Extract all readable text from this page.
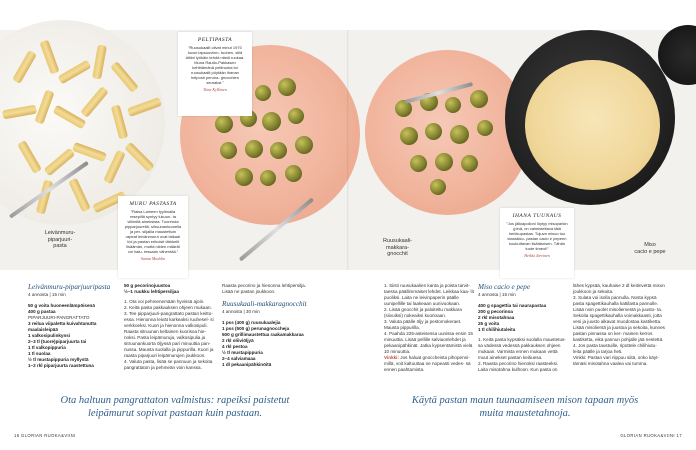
MURU PASTASTA
”Raisa Laineen tyylimalla resepillä syntyy lukuun- ta villimitä aineksista. Tuorenda pipparjuureliä, silruunankuorella ja per- siljallia maustettuin rapeat leivänmurut ovat taikaa! Voi ja pastan erikoisit tärkkelit lisäämän, mutta niiden määrät voi halu- tessaan vähentää.”
Sanna Mooklin
PELTIPASTA
”Ruusukaalit olivat minut 1970 luvun lapsuuviinn- tuohen, sillä äitiini lyökäin tehdä niistä ruokaa. Muna Rautio-Pakkasen kehittämänä peltiruoka toi ruusukaalit pöytään ihanan helposti peruna- gnocchien seuraksi.”
Tiina Kyllönen
IHANA TUUNAUS
”Jos jälkiapolloni löytyy misoparkin (pinä, on valmistettava tätä herkkupastaa. Tujuva misoo tuo klassikko- pastan cacio e pepeen koukuttavan lisätäsrisen. Tähän tuote timeoi!”
Heikki Järvinen
Leivänmuru-
piparjuuri-
pasta
Ruusukaali-
makkara-
gnocchit
Miso
cacio e pepe
Leivänmuru-piparjuuripasta
4 annosta | 15 min
50 g voita huoneenlämpöisenä
400 g pastaa
PIPARJUURI-PANGRATTATO
3 reilua viipaletta kuivahtanutta maalaisleipää
1 valkosipulinkynsi
2–3 tl (tuore)piparjuurta tai
1 tl valkopippuria
1 tl suolaa
½ tl mustapippuria myllystä
1–2 rkl piparjuurta raastettuna
50 g pecorinojuustoa
½–1 ruukku lehtipersiljaa
1. Ota voi pehmenemään hyvissä ajoin.
2. Keitä pasta pakkauksen ohjeen mukaan.
3. Tee pipparjuuri-pangrattato pastan keitto- essa. Hienonna leivät karkeaksi ruuhesel- si verkkoeksi. Kuori ja hienonna valkosipuli. Raasta sitruunan keltainen kuorisoa hie- noksi. Pasta leipämuruja, valkosipulia ja sitruunankuorta öljyssä pari minuuttia pan- nussa. Mausta suolalla ja pippurilla. Kuori ja raasta piparjuuri leipämurujen joukkoon.
4. Valuta pasta, lisää se pannuun ja sekoita pangrattaton ja pehmeän voin kanssa.
Raasta pecorino ja hienonna lehtipersilja. Lisää ne pastan joukkoon.
Ruusukaali-makkaragnocchit
4 annosta | 30 min
1 pss (400 g) ruusukaalejia
1 pss (500 g) perunagnoccheja
500 g grillimaustettua raakamakkaraa
2 rkl oliiviöljyä
4 rkl pestoa
½ tl mustapippuria
2–4 salviamaaa
1 dl pekaanipähkinöitä
Ota haltuun pangrattaton valmistus: rapeiksi paistetut leipämurut sopivat pastaan kuin pastaan.
16 GLORIAN RUOKA&VIINI
1. Siisti ruusukaalien kanta ja poista tarvit- taessa päällimmäiset lehdet. Leikkaa kaa- lit puoliksi. Laita ne leivinpaperin päälle uunipellille tai laakeaan uunivuokaan.
2. Lisää gnocchit ja paloiteltu makkara (siivuiksi) nokeaiksi kuorioaan.
3. Valuta päälle öljy ja pestomokeraet. Mausta pippurilla.
4. Paahda 225-asteisessa uunissa ensin 15 minuuttia. Lisää pellille salviaonlehdet ja pekaanipähkinät. Jatka kypsentämistä vielä 10 minuuttia.
Vinkki: Jos haluat gnoccheista pihopenni- millä, voit kaltuuttaa ne nopeasti vedes- sä ennen paahtamista.
Miso cacio e pepe
4 annosta | 15 min
400 g spagettia tai naurapastaa
200 g pecorinoa
2 rkl misotahnaa
25 g voita
1 tl chilihiutaleita
1. Keitä pasta kypsäksi suolalla maustetus- sa vädessä vedessä pakkauksen ohjeen mukaan. Varmista ennen mukaan vettä muut ainekset pastan keitiuesa.
2. Raasta pecorino hienoksi raasteeksi. Laita misotahna kulhoon. Kun pasta on
lähes kypsää, kauhaise 2 dl keitinvettä mison joukkoon ja sekoita.
3. Sulata voi isolla pannulla. Nosta kypsä pasta spagettikauhalla kattilasta pannulle. Lisää noin puolet misoliemestä ja juusto- ta. Sekoita spagettikauhalla voimakkaasti, jotta vesi ja juusto alkavat muodostaa kastiketta. Lisää misolientä ja juustoa ja sekoita, kunnes pastan pinnassa on ker- mainen kerros kastiketta, eikä pannun pohjalle jää nestettä.
4. Jos pasta taustuille, ripottele chilihiutu- leita päälle ja tarjoa heti.
Vinkki: Pastan vari riippuu siitä, onko käyt- tämäsi misotahna vaalea vai tumma.
Käytä pastan maun tuunaamiseen mison tapaan myös muita maustetahnoja.
GLORIAN RUOKA&VIINI 17
